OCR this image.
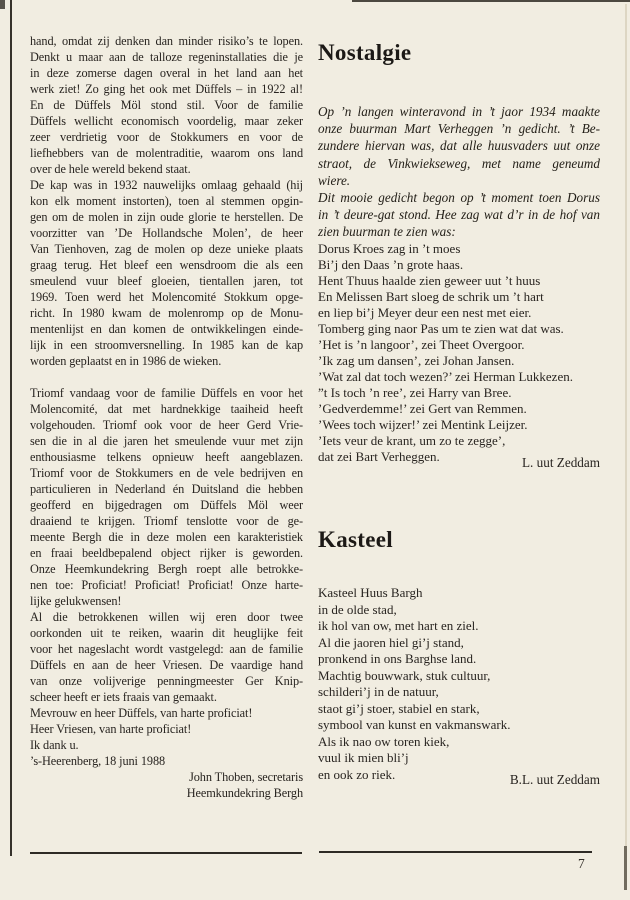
hand, omdat zij denken dan minder risiko’s te lopen.
Denkt u maar aan de talloze regeninstallaties die je
in deze zomerse dagen overal in het land aan het
werk ziet! Zo ging het ook met Düffels – in 1922 al!
En de Düffels Möl stond stil. Voor de familie
Düffels wellicht economisch voordelig, maar zeker
zeer verdrietig voor de Stokkumers en voor de
liefhebbers van de molentraditie, waarom ons land
over de hele wereld bekend staat.
De kap was in 1932 nauwelijks omlaag gehaald (hij
kon elk moment instorten), toen al stemmen opgin-
gen om de molen in zijn oude glorie te herstellen. De
voorzitter van ’De Hollandsche Molen’, de heer
Van Tienhoven, zag de molen op deze unieke plaats
graag terug. Het bleef een wensdroom die als een
smeulend vuur bleef gloeien, tientallen jaren, tot
1969. Toen werd het Molencomité Stokkum opge-
richt. In 1980 kwam de molenromp op de Monu-
mentenlijst en dan komen de ontwikkelingen einde-
lijk in een stroomversnelling. In 1985 kan de kap
worden geplaatst en in 1986 de wieken.
Triomf vandaag voor de familie Düffels en voor het
Molencomité, dat met hardnekkige taaiheid heeft
volgehouden. Triomf ook voor de heer Gerd Vrie-
sen die in al die jaren het smeulende vuur met zijn
enthousiasme telkens opnieuw heeft aangeblazen.
Triomf voor de Stokkumers en de vele bedrijven en
particulieren in Nederland én Duitsland die hebben
geofferd en bijgedragen om Düffels Möl weer
draaiend te krijgen. Triomf tenslotte voor de ge-
meente Bergh die in deze molen een karakteristiek
en fraai beeldbepalend object rijker is geworden.
Onze Heemkundekring Bergh roept alle betrokke-
nen toe: Proficiat! Proficiat! Proficiat! Onze harte-
lijke gelukwensen!
Al die betrokkenen willen wij eren door twee
oorkonden uit te reiken, waarin dit heuglijke feit
voor het nageslacht wordt vastgelegd: aan de familie
Düffels en aan de heer Vriesen. De vaardige hand
van onze volijverige penningmeester Ger Knip-
scheer heeft er iets fraais van gemaakt.
Mevrouw en heer Düffels, van harte proficiat!
Heer Vriesen, van harte proficiat!
Ik dank u.
’s-Heerenberg, 18 juni 1988
John Thoben, secretaris
Heemkundekring Bergh
Nostalgie
Op ’n langen winteravond in ’t jaor 1934 maakte
onze buurman Mart Verheggen ’n gedicht. ’t Be-
zundere hiervan was, dat alle huusvaders uut onze
straot, de Vinkwiekseweg, met name geneumd
wiere.
Dit mooie gedicht begon op ’t moment toen Dorus
in ’t deure-gat stond. Hee zag wat d’r in de hof van
zien buurman te zien was:
Dorus Kroes zag in ’t moes
Bi’j den Daas ’n grote haas.
Hent Thuus haalde zien geweer uut ’t huus
En Melissen Bart sloeg de schrik um ’t hart
en liep bi’j Meyer deur een nest met eier.
Tomberg ging naor Pas um te zien wat dat was.
’Het is ’n langoor’, zei Theet Overgoor.
’Ik zag um dansen’, zei Johan Jansen.
’Wat zal dat toch wezen?’ zei Herman Lukkezen.
”t Is toch ’n ree’, zei Harry van Bree.
’Gedverdemme!’ zei Gert van Remmen.
’Wees toch wijzer!’ zei Mentink Leijzer.
’Iets veur de krant, um zo te zegge’,
dat zei Bart Verheggen.	L. uut Zeddam
Kasteel
Kasteel Huus Bargh
in de olde stad,
ik hol van ow, met hart en ziel.
Al die jaoren hiel gi’j stand,
pronkend in ons Barghse land.
Machtig bouwwark, stuk cultuur,
schilderi’j in de natuur,
staot gi’j stoer, stabiel en stark,
symbool van kunst en vakmanswark.
Als ik nao ow toren kiek,
vuul ik mien bli’j
en ook zo riek.	B.L. uut Zeddam
7
